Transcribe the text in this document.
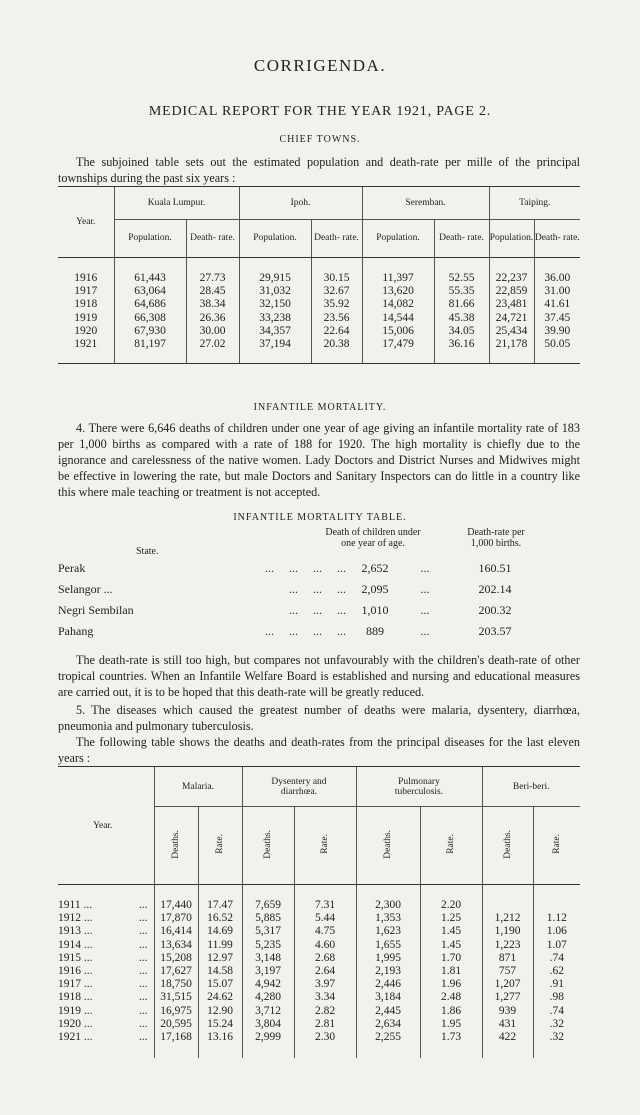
CORRIGENDA.
MEDICAL REPORT FOR THE YEAR 1921, PAGE 2.
CHIEF TOWNS.
The subjoined table sets out the estimated population and death-rate per mille of the principal townships during the past six years :
Year.	Kuala Lumpur.		Ipoh.		Seremban.		Taiping.	
	Population.	Death- rate.	Population.	Death- rate.	Population.	Death- rate.	Population.	Death- rate.
1916	61,443	27.73	29,915	30.15	11,397	52.55	22,237	36.00
1917	63,064	28.45	31,032	32.67	13,620	55.35	22,859	31.00
1918	64,686	38.34	32,150	35.92	14,082	81.66	23,481	41.61
1919	66,308	26.36	33,238	23.56	14,544	45.38	24,721	37.45
1920	67,930	30.00	34,357	22.64	15,006	34.05	25,434	39.90
1921	81,197	27.02	37,194	20.38	17,479	36.16	21,178	50.05
INFANTILE MORTALITY.
4. There were 6,646 deaths of children under one year of age giving an infantile mortality rate of 183 per 1,000 births as compared with a rate of 188 for 1920. The high mortality is chiefly due to the ignorance and carelessness of the native women. Lady Doctors and District Nurses and Midwives might be effective in lowering the rate, but male Doctors and Sanitary Inspectors can do little in a country like this where male teaching or treatment is not accepted.
INFANTILE MORTALITY TABLE.
State.
Death of children under one year of age.
Death-rate per 1,000 births.
Perak	...     ...     ...     ...	2,652	...	160.51
Selangor ...	...     ...     ...	2,095	...	202.14
Negri Sembilan	...     ...     ...	1,010	...	200.32
Pahang	...     ...     ...     ...	889	...	203.57
The death-rate is still too high, but compares not unfavourably with the children's death-rate of other tropical countries. When an Infantile Welfare Board is established and nursing and educational measures are carried out, it is to be hoped that this death-rate will be greatly reduced.
5. The diseases which caused the greatest number of deaths were malaria, dysentery, diarrhœa, pneumonia and pulmonary tuberculosis.
The following table shows the deaths and death-rates from the principal diseases for the last eleven years :
Year.	Malaria.		Dysentery and diarrhœa.		Pulmonary tuberculosis.		Beri-beri.	
	Deaths.	Rate.	Deaths.	Rate.	Deaths.	Rate.	Deaths.	Rate.
1911 ... ...	17,440	17.47	7,659	7.31	2,300	2.20		
1912 ... ...	17,870	16.52	5,885	5.44	1,353	1.25	1,212	1.12
1913 ... ...	16,414	14.69	5,317	4.75	1,623	1.45	1,190	1.06
1914 ... ...	13,634	11.99	5,235	4.60	1,655	1.45	1,223	1.07
1915 ... ...	15,208	12.97	3,148	2.68	1,995	1.70	871	.74
1916 ... ...	17,627	14.58	3,197	2.64	2,193	1.81	757	.62
1917 ... ...	18,750	15.07	4,942	3.97	2,446	1.96	1,207	.91
1918 ... ...	31,515	24.62	4,280	3.34	3,184	2.48	1,277	.98
1919 ... ...	16,975	12.90	3,712	2.82	2,445	1.86	939	.74
1920 ... ...	20,595	15.24	3,804	2.81	2,634	1.95	431	.32
1921 ... ...	17,168	13.16	2,999	2.30	2,255	1.73	422	.32
